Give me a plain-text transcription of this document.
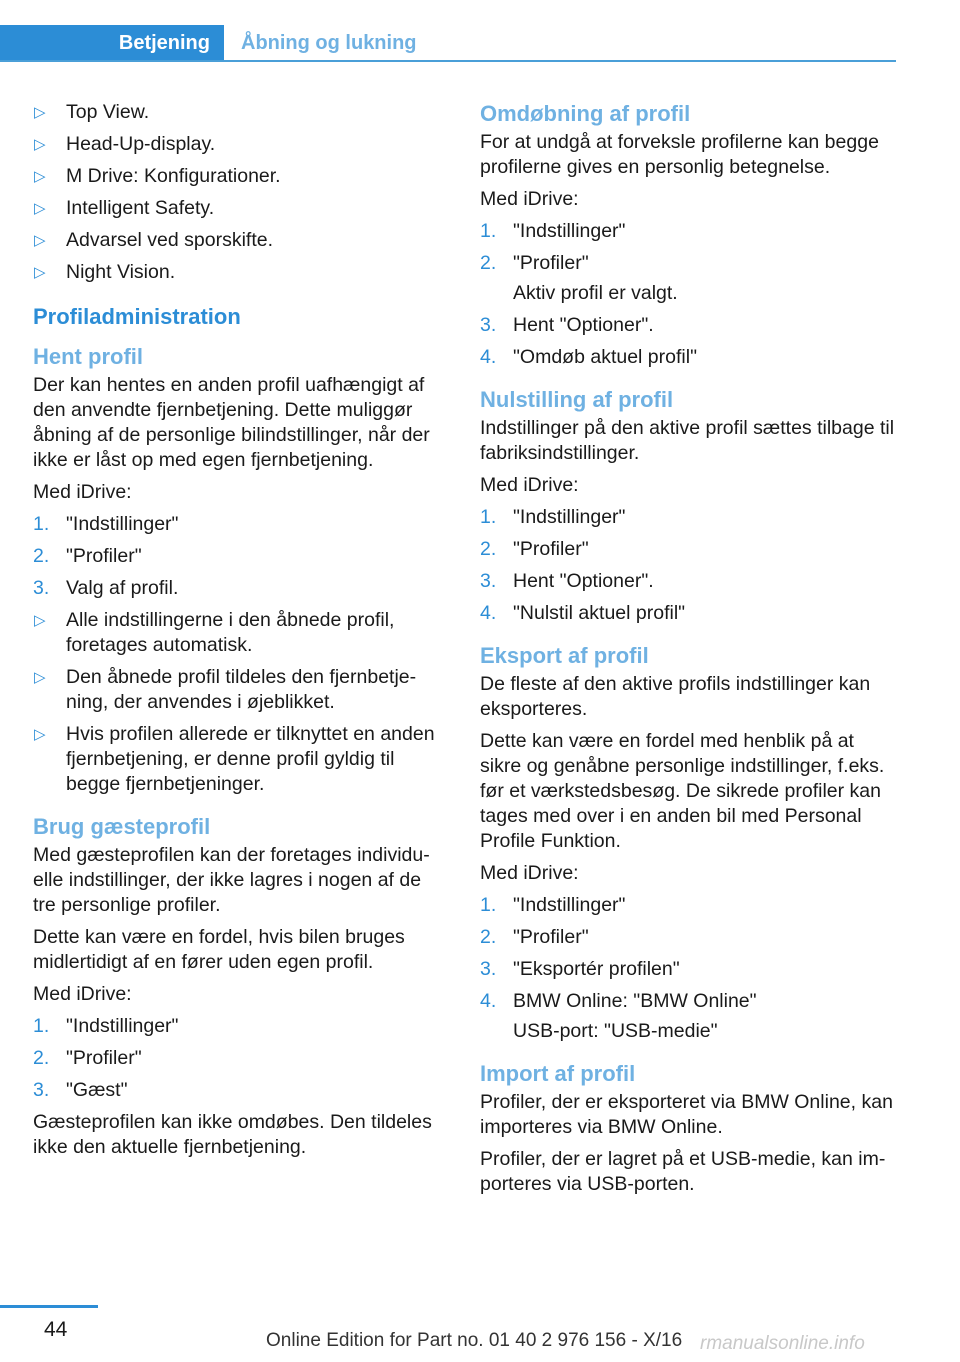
Betjening	Åbning og lukning
▷ Top View.
▷ Head-Up-display.
▷ M Drive: Konfigurationer.
▷ Intelligent Safety.
▷ Advarsel ved sporskifte.
▷ Night Vision.
Profiladministration
Hent profil
Der kan hentes en anden profil uafhængigt af den anvendte fjernbetjening. Dette muliggør åbning af de personlige bilindstillinger, når der ikke er låst op med egen fjernbetjening.
Med iDrive:
1. "Indstillinger"
2. "Profiler"
3. Valg af profil.
▷ Alle indstillingerne i den åbnede profil, foretages automatisk.
▷ Den åbnede profil tildeles den fjernbetje‐ ning, der anvendes i øjeblikket.
▷ Hvis profilen allerede er tilknyttet en anden fjernbetjening, er denne profil gyldig til begge fjernbetjeninger.
Brug gæsteprofil
Med gæsteprofilen kan der foretages individu‐ elle indstillinger, der ikke lagres i nogen af de tre personlige profiler.
Dette kan være en fordel, hvis bilen bruges midlertidigt af en fører uden egen profil.
Med iDrive:
1. "Indstillinger"
2. "Profiler"
3. "Gæst"
Gæsteprofilen kan ikke omdøbes. Den tildeles ikke den aktuelle fjernbetjening.
Omdøbning af profil
For at undgå at forveksle profilerne kan begge profilerne gives en personlig betegnelse.
Med iDrive:
1. "Indstillinger"
2. "Profiler"
Aktiv profil er valgt.
3. Hent "Optioner".
4. "Omdøb aktuel profil"
Nulstilling af profil
Indstillinger på den aktive profil sættes tilbage til fabriksindstillinger.
Med iDrive:
1. "Indstillinger"
2. "Profiler"
3. Hent "Optioner".
4. "Nulstil aktuel profil"
Eksport af profil
De fleste af den aktive profils indstillinger kan eksporteres.
Dette kan være en fordel med henblik på at sikre og genåbne personlige indstillinger, f.eks. før et værkstedsbesøg. De sikrede profiler kan tages med over i en anden bil med Personal Profile Funktion.
Med iDrive:
1. "Indstillinger"
2. "Profiler"
3. "Eksportér profilen"
4. BMW Online: "BMW Online"
USB-port: "USB-medie"
Import af profil
Profiler, der er eksporteret via BMW Online, kan importeres via BMW Online.
Profiler, der er lagret på et USB-medie, kan im‐ porteres via USB-porten.
44	Online Edition for Part no. 01 40 2 976 156 - X/16 rmanualsonline.info
